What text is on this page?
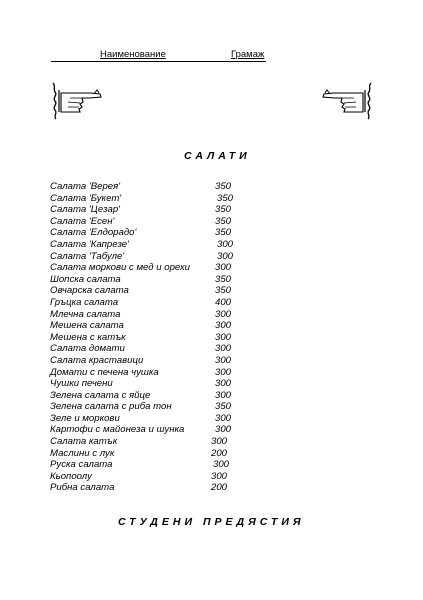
Наименование	Грамаж
САЛАТИ
Салата 'Верея'	350
Салата 'Букет'	350
Салата 'Цезар'	350
Салата 'Есен'	350
Салата 'Елдорадо'	350
Салата 'Капрезе'	300
Салата 'Табуле'	300
Салата моркови с мед и орехи	300
Шопска салата	350
Овчарска салата	350
Гръцка салата	400
Млечна салата	300
Мешена салата	300
Мешена с катък	300
Салата домати	300
Салата краставици	300
Домати с печена чушка	300
Чушки печени	300
Зелена салата с яйце	300
Зелена салата с риба тон	350
Зеле и моркови	300
Картофи с майонеза и шунка	300
Салата катък	300
Маслини с лук	200
Руска салата	300
Кьопоолу	300
Рибна салата	200
СТУДЕНИ ПРЕДЯСТИЯ
